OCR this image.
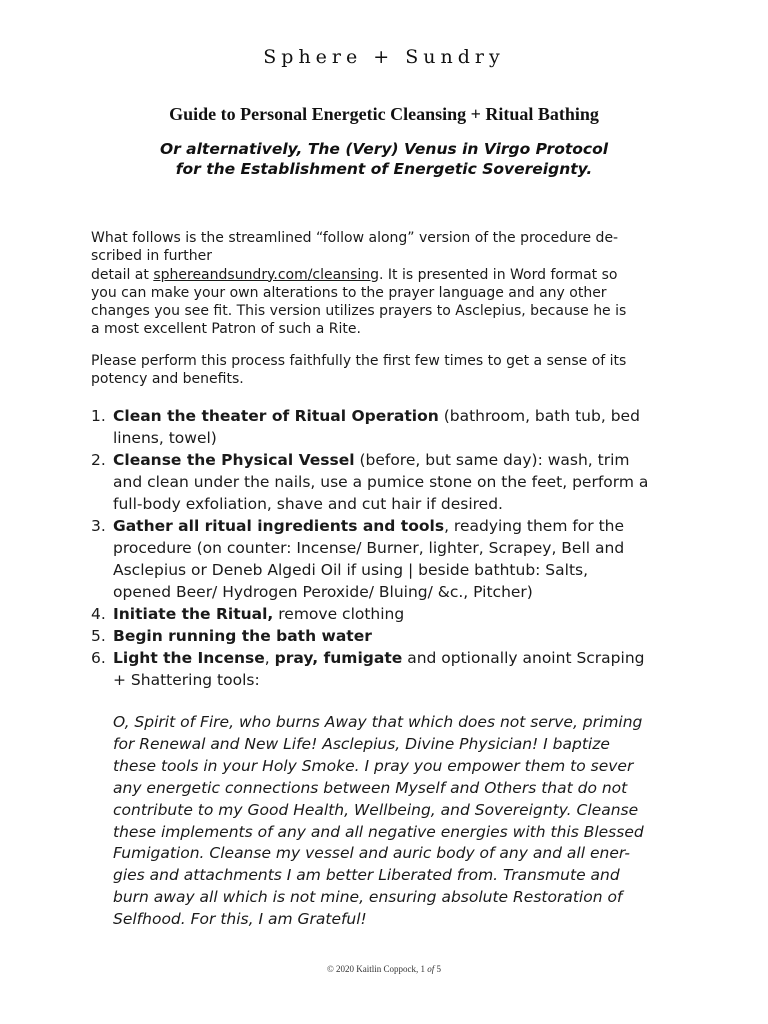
Sphere + Sundry
Guide to Personal Energetic Cleansing + Ritual Bathing
Or alternatively, The (Very) Venus in Virgo Protocol
for the Establishment of Energetic Sovereignty.
What follows is the streamlined “follow along” version of the procedure de-
scribed in further
detail at sphereandsundry.com/cleansing. It is presented in Word format so
you can make your own alterations to the prayer language and any other
changes you see fit. This version utilizes prayers to Asclepius, because he is
a most excellent Patron of such a Rite.
Please perform this process faithfully the first few times to get a sense of its
potency and benefits.
1. Clean the theater of Ritual Operation (bathroom, bath tub, bed
linens, towel)
2. Cleanse the Physical Vessel (before, but same day): wash, trim
and clean under the nails, use a pumice stone on the feet, perform a
full-body exfoliation, shave and cut hair if desired.
3. Gather all ritual ingredients and tools, readying them for the
procedure (on counter: Incense/ Burner, lighter, Scrapey, Bell and
Asclepius or Deneb Algedi Oil if using | beside bathtub: Salts,
opened Beer/ Hydrogen Peroxide/ Bluing/ &c., Pitcher)
4. Initiate the Ritual, remove clothing
5. Begin running the bath water
6. Light the Incense, pray, fumigate and optionally anoint Scraping
+ Shattering tools:
O, Spirit of Fire, who burns Away that which does not serve, priming
for Renewal and New Life! Asclepius, Divine Physician! I baptize
these tools in your Holy Smoke. I pray you empower them to sever
any energetic connections between Myself and Others that do not
contribute to my Good Health, Wellbeing, and Sovereignty. Cleanse
these implements of any and all negative energies with this Blessed
Fumigation. Cleanse my vessel and auric body of any and all ener-
gies and attachments I am better Liberated from. Transmute and
burn away all which is not mine, ensuring absolute Restoration of
Selfhood. For this, I am Grateful!
© 2020 Kaitlin Coppock, 1 of 5
